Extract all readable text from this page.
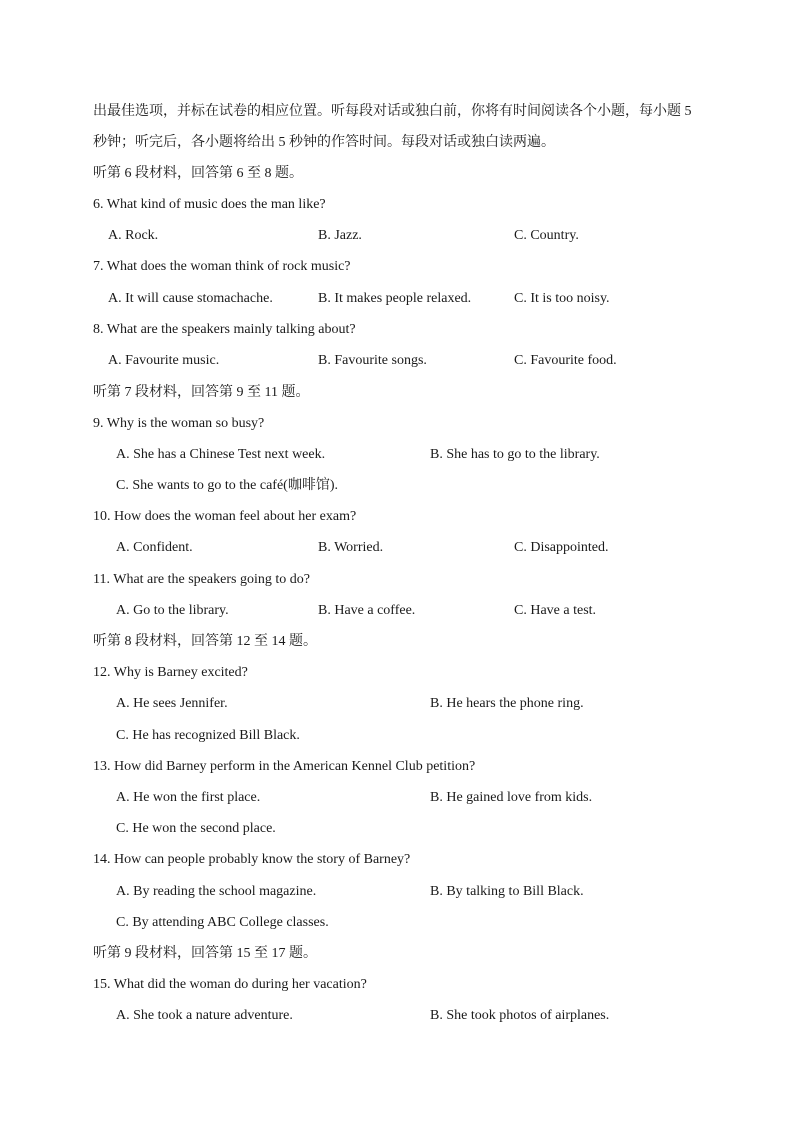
出最佳选项，并标在试卷的相应位置。听每段对话或独白前，你将有时间阅读各个小题，每小题 5
秒钟；听完后，各小题将给出 5 秒钟的作答时间。每段对话或独白读两遍。
听第 6 段材料，回答第 6 至 8 题。
6. What kind of music does the man like?
A. Rock.	B. Jazz.	C. Country.
7. What does the woman think of rock music?
A. It will cause stomachache.	B. It makes people relaxed.	C. It is too noisy.
8. What are the speakers mainly talking about?
A. Favourite music.	B. Favourite songs.	C. Favourite food.
听第 7 段材料，回答第 9 至 11 题。
9. Why is the woman so busy?
A. She has a Chinese Test next week.	B. She has to go to the library.
C. She wants to go to the café(咖啡馆).
10. How does the woman feel about her exam?
A. Confident.	B. Worried.	C. Disappointed.
11. What are the speakers going to do?
A. Go to the library.	B. Have a coffee.	C. Have a test.
听第 8 段材料，回答第 12 至 14 题。
12. Why is Barney excited?
A. He sees Jennifer.	B. He hears the phone ring.
C. He has recognized Bill Black.
13. How did Barney perform in the American Kennel Club petition?
A. He won the first place.	B. He gained love from kids.
C. He won the second place.
14. How can people probably know the story of Barney?
A. By reading the school magazine.	B. By talking to Bill Black.
C. By attending ABC College classes.
听第 9 段材料，回答第 15 至 17 题。
15. What did the woman do during her vacation?
A. She took a nature adventure.	B. She took photos of airplanes.
